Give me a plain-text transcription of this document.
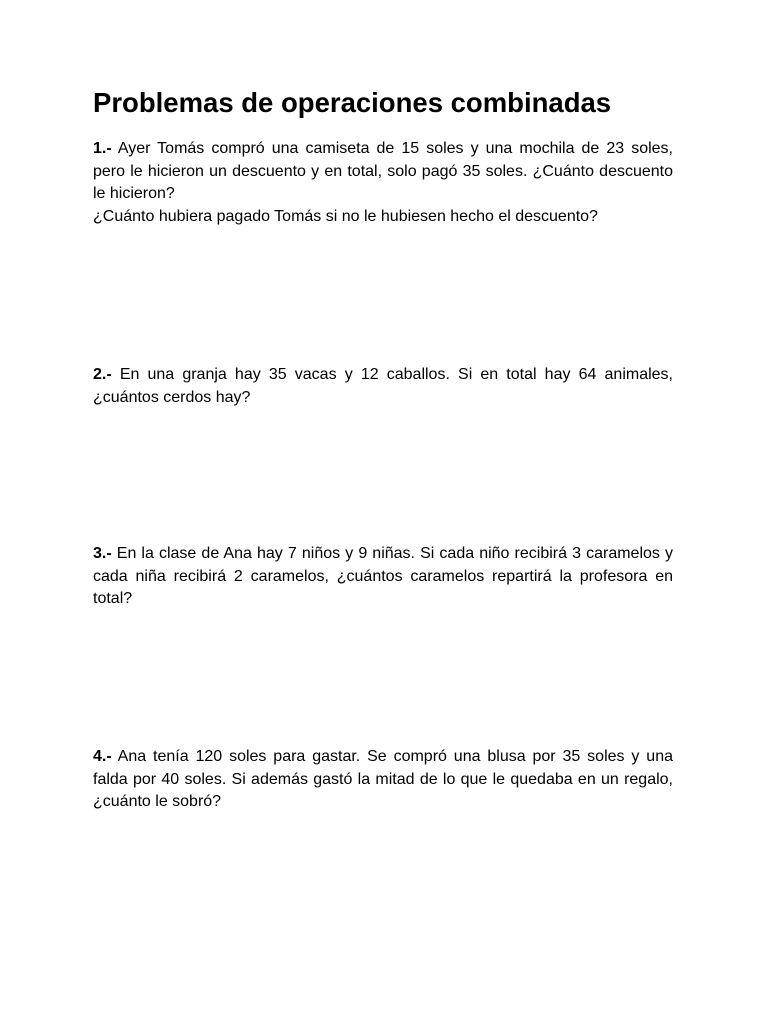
Problemas de operaciones combinadas

1.- Ayer Tomás compró una camiseta de 15 soles y una mochila de 23 soles, pero le hicieron un descuento y en total, solo pagó 35 soles. ¿Cuánto descuento le hicieron?

¿Cuánto hubiera pagado Tomás si no le hubiesen hecho el descuento?

2.- En una granja hay 35 vacas y 12 caballos. Si en total hay 64 animales, ¿cuántos cerdos hay?

3.- En la clase de Ana hay 7 niños y 9 niñas. Si cada niño recibirá 3 caramelos y cada niña recibirá 2 caramelos, ¿cuántos caramelos repartirá la profesora en total?

4.- Ana tenía 120 soles para gastar. Se compró una blusa por 35 soles y una falda por 40 soles. Si además gastó la mitad de lo que le quedaba en un regalo, ¿cuánto le sobró?
